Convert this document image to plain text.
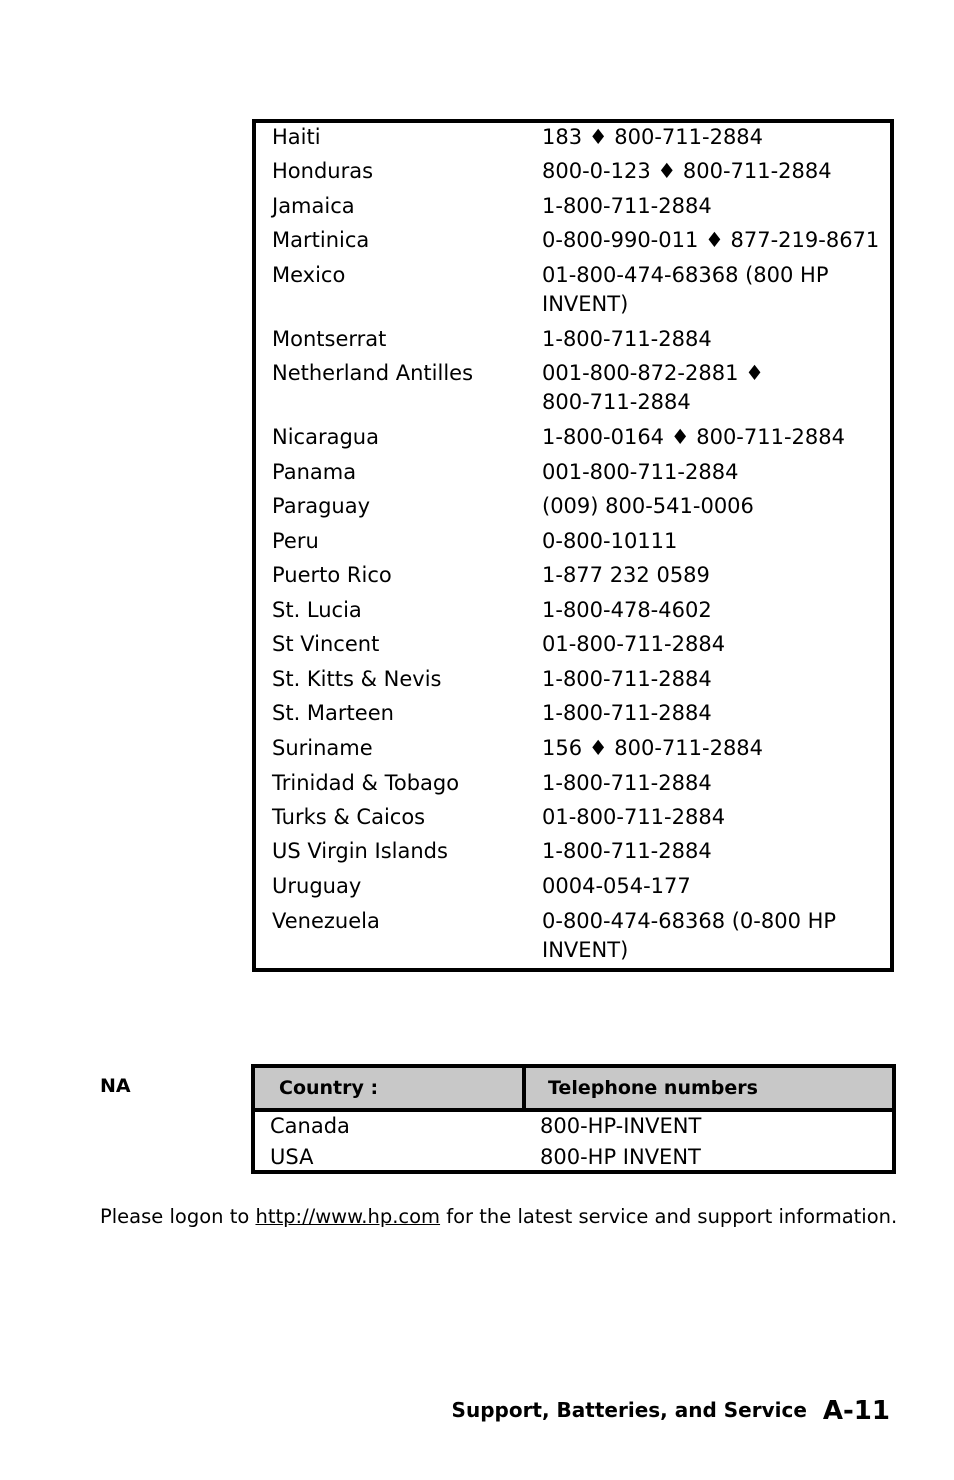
Haiti	183 ♦ 800-711-2884
Honduras	800-0-123 ♦ 800-711-2884
Jamaica	1-800-711-2884
Martinica	0-800-990-011 ♦ 877-219-8671
Mexico	01-800-474-68368 (800 HP
INVENT)
Montserrat	1-800-711-2884
Netherland Antilles	001-800-872-2881 ♦
800-711-2884
Nicaragua	1-800-0164 ♦ 800-711-2884
Panama	001-800-711-2884
Paraguay	(009) 800-541-0006
Peru	0-800-10111
Puerto Rico	1-877 232 0589
St. Lucia	1-800-478-4602
St Vincent	01-800-711-2884
St. Kitts & Nevis	1-800-711-2884
St. Marteen	1-800-711-2884
Suriname	156 ♦ 800-711-2884
Trinidad & Tobago	1-800-711-2884
Turks & Caicos	01-800-711-2884
US Virgin Islands	1-800-711-2884
Uruguay	0004-054-177
Venezuela	0-800-474-68368 (0-800 HP
INVENT)
NA	Country :	Telephone numbers
Canada	800-HP-INVENT
USA	800-HP INVENT
Please logon to http://www.hp.com for the latest service and support information.
Support, Batteries, and Service A-11
